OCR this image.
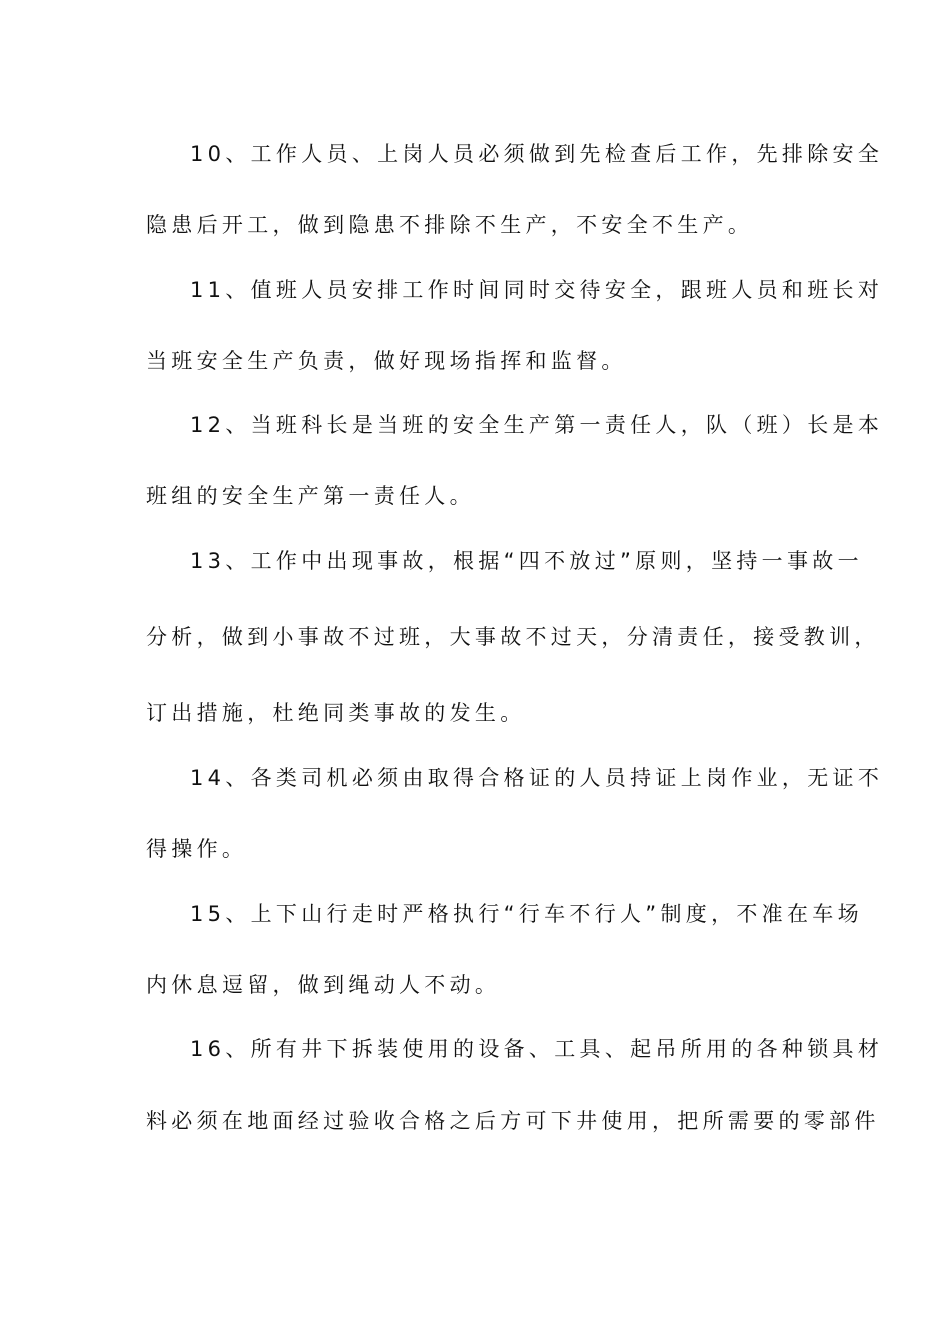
10、工作人员、上岗人员必须做到先检查后工作，先排除安全
隐患后开工，做到隐患不排除不生产，不安全不生产。
11、值班人员安排工作时间同时交待安全，跟班人员和班长对
当班安全生产负责，做好现场指挥和监督。
12、当班科长是当班的安全生产第一责任人，队（班）长是本
班组的安全生产第一责任人。
13、工作中出现事故，根据“四不放过”原则，坚持一事故一
分析，做到小事故不过班，大事故不过天，分清责任，接受教训，
订出措施，杜绝同类事故的发生。
14、各类司机必须由取得合格证的人员持证上岗作业，无证不
得操作。
15、上下山行走时严格执行“行车不行人”制度，不准在车场
内休息逗留，做到绳动人不动。
16、所有井下拆装使用的设备、工具、起吊所用的各种锁具材
料必须在地面经过验收合格之后方可下井使用，把所需要的零部件
